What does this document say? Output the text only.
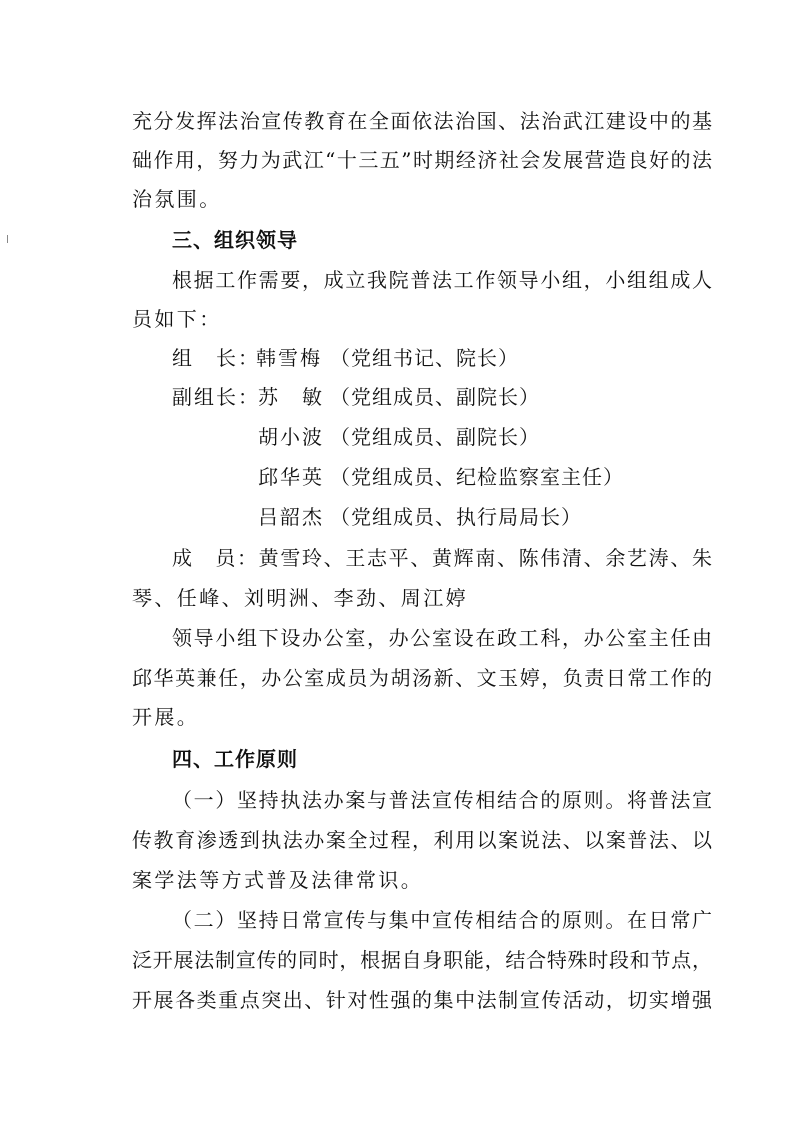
充分发挥法治宣传教育在全面依法治国、法治武江建设中的基
础作用，努力为武江“十三五”时期经济社会发展营造良好的法
治氛围。
三、组织领导
根据工作需要，成立我院普法工作领导小组，小组组成人
员如下：
组　长：
韩雪梅 （党组书记、院长）
副组长：
苏　敏 （党组成员、副院长）
胡小波 （党组成员、副院长）
邱华英 （党组成员、纪检监察室主任）
吕韶杰 （党组成员、执行局局长）
成　员：黄雪玲、王志平、黄辉南、陈伟清、余艺涛、朱
琴、任峰、刘明洲、李劲、周江婷
领导小组下设办公室，办公室设在政工科，办公室主任由
邱华英兼任，办公室成员为胡汤新、文玉婷，负责日常工作的
开展。
四、工作原则
（一）坚持执法办案与普法宣传相结合的原则。将普法宣
传教育渗透到执法办案全过程，利用以案说法、以案普法、以
案学法等方式普及法律常识。
（二）坚持日常宣传与集中宣传相结合的原则。在日常广
泛开展法制宣传的同时，根据自身职能，结合特殊时段和节点，
开展各类重点突出、针对性强的集中法制宣传活动，切实增强
